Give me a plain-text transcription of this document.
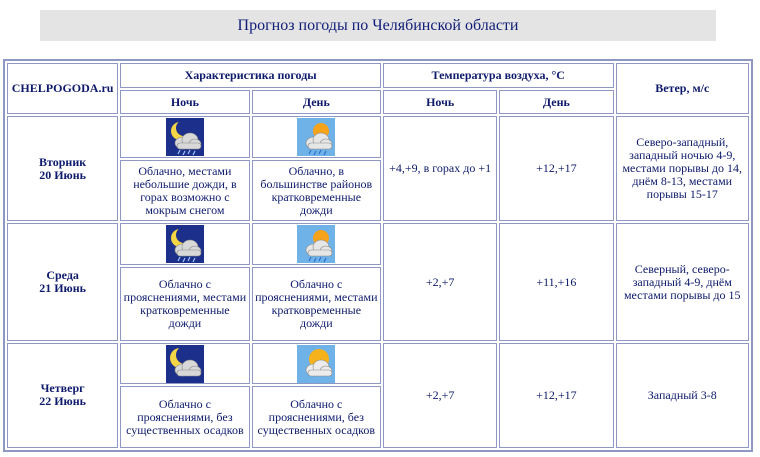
Прогноз погоды по Челябинской области
CHELPOGODA.ru	Характеристика погоды		Температура воздуха, °C		Ветер, м/с
	Ночь	День	Ночь	День	
Вторник
20 Июнь			+4,+9, в горах до +1	+12,+17	Северо-западный, западный ночью 4-9, местами порывы до 14, днём 8-13, местами порывы 15-17
	Облачно, местами небольшие дожди, в горах возможно с мокрым снегом	Облачно, в большинстве районов кратковременные дожди			
Среда
21 Июнь			+2,+7	+11,+16	Северный, северо-западный 4-9, днём местами порывы до 15
	Облачно с прояснениями, местами кратковременные дожди	Облачно с прояснениями, местами кратковременные дожди			
Четверг
22 Июнь			+2,+7	+12,+17	Западный 3-8
	Облачно с прояснениями, без существенных осадков	Облачно с прояснениями, без существенных осадков			
